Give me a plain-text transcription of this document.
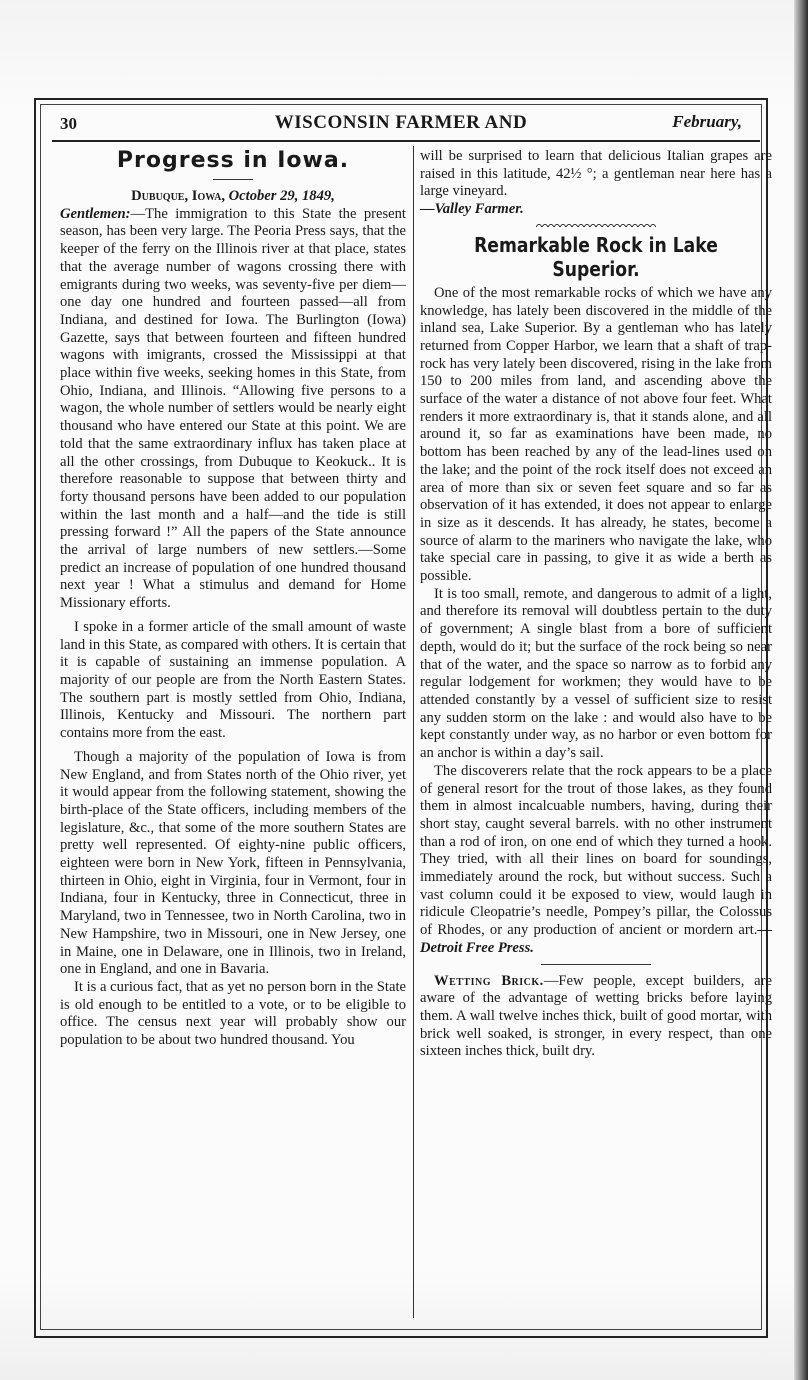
30	WISCONSIN FARMER AND	February,
Progress in Iowa.

Dubuque, Iowa, October 29, 1849,

Gentlemen:—The immigration to this State the present season, has been very large. The Peoria Press says, that the keeper of the ferry on the Illinois river at that place, states that the average number of wagons crossing there with emigrants during two weeks, was seventy-five per diem—one day one hundred and fourteen passed—all from Indiana, and destined for Iowa. The Burlington (Iowa) Gazette, says that between fourteen and fifteen hundred wagons with imigrants, crossed the Mississippi at that place within five weeks, seeking homes in this State, from Ohio, Indiana, and Illinois. “Allowing five persons to a wagon, the whole number of settlers would be nearly eight thousand who have entered our State at this point. We are told that the same extraordinary influx has taken place at all the other crossings, from Dubuque to Keokuck.. It is therefore reasonable to suppose that between thirty and forty thousand persons have been added to our population within the last month and a half—and the tide is still pressing forward !” All the papers of the State announce the arrival of large numbers of new settlers.—Some predict an increase of population of one hundred thousand next year ! What a stimulus and demand for Home Missionary efforts.

I spoke in a former article of the small amount of waste land in this State, as compared with others. It is certain that it is capable of sustaining an immense population. A majority of our people are from the North Eastern States. The southern part is mostly settled from Ohio, Indiana, Illinois, Kentucky and Missouri. The northern part contains more from the east.

Though a majority of the population of Iowa is from New England, and from States north of the Ohio river, yet it would appear from the following statement, showing the birth-place of the State officers, including members of the legislature, &c., that some of the more southern States are pretty well represented. Of eighty-nine public officers, eighteen were born in New York, fifteen in Pennsylvania, thirteen in Ohio, eight in Virginia, four in Vermont, four in Indiana, four in Kentucky, three in Connecticut, three in Maryland, two in Tennessee, two in North Carolina, two in New Hampshire, two in Missouri, one in New Jersey, one in Maine, one in Delaware, one in Illinois, two in Ireland, one in England, and one in Bavaria.

It is a curious fact, that as yet no person born in the State is old enough to be entitled to a vote, or to be eligible to office. The census next year will probably show our population to be about two hundred thousand. You

will be surprised to learn that delicious Italian grapes are raised in this latitude, 42½ °; a gentleman near here has a large vineyard.

—Valley Farmer.

Remarkable Rock in Lake Superior.

One of the most remarkable rocks of which we have any knowledge, has lately been discovered in the middle of the inland sea, Lake Superior. By a gentleman who has lately returned from Copper Harbor, we learn that a shaft of trap-rock has very lately been discovered, rising in the lake from 150 to 200 miles from land, and ascending above the surface of the water a distance of not above four feet. What renders it more extraordinary is, that it stands alone, and all around it, so far as examinations have been made, no bottom has been reached by any of the lead-lines used on the lake; and the point of the rock itself does not exceed an area of more than six or seven feet square and so far as observation of it has extended, it does not appear to enlarge in size as it descends. It has already, he states, become a source of alarm to the mariners who navigate the lake, who take special care in passing, to give it as wide a berth as possible.

It is too small, remote, and dangerous to admit of a light, and therefore its removal will doubtless pertain to the duty of government; A single blast from a bore of sufficient depth, would do it; but the surface of the rock being so near that of the water, and the space so narrow as to forbid any regular lodgement for workmen; they would have to be attended constantly by a vessel of sufficient size to resist any sudden storm on the lake : and would also have to be kept constantly under way, as no harbor or even bottom for an anchor is within a day’s sail.

The discoverers relate that the rock appears to be a place of general resort for the trout of those lakes, as they found them in almost incalcuable numbers, having, during their short stay, caught several barrels. with no other instrument than a rod of iron, on one end of which they turned a hook. They tried, with all their lines on board for soundings, immediately around the rock, but without success. Such a vast column could it be exposed to view, would laugh in ridicule Cleopatrie’s needle, Pompey’s pillar, the Colossus of Rhodes, or any production of ancient or mordern art.—Detroit Free Press.

Wetting Brick.—Few people, except builders, are aware of the advantage of wetting bricks before laying them. A wall twelve inches thick, built of good mortar, with brick well soaked, is stronger, in every respect, than one sixteen inches thick, built dry.
